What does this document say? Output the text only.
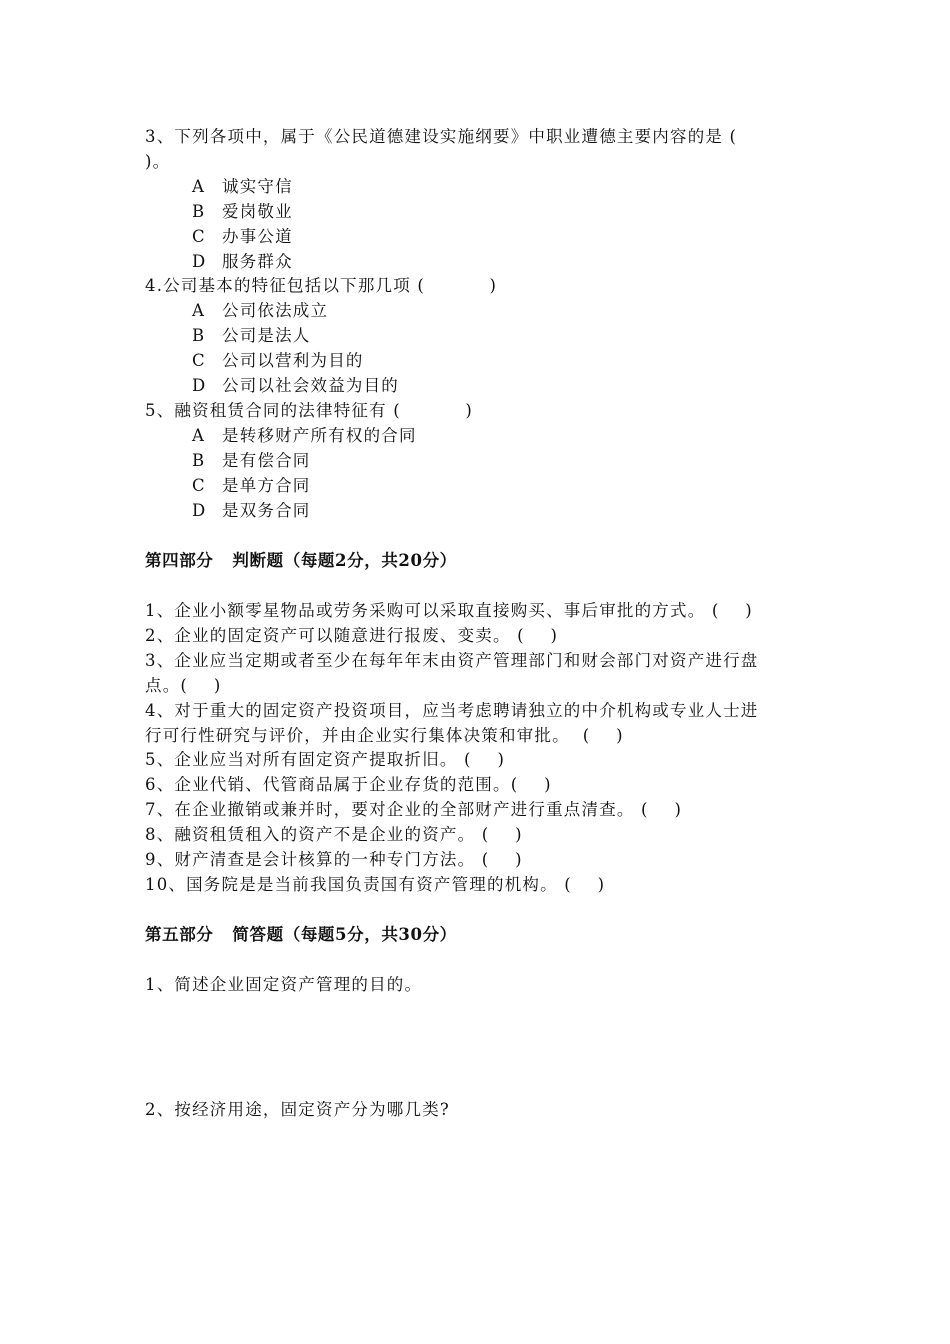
3、下列各项中，属于《公民道德建设实施纲要》中职业遭德主要内容的是 (
)。
A 诚实守信
B 爱岗敬业
C 办事公道
D 服务群众
4.公司基本的特征包括以下那几项 (          )
A 公司依法成立
B 公司是法人
C 公司以营利为目的
D 公司以社会效益为目的
5、融资租赁合同的法律特征有 (          )
A 是转移财产所有权的合同
B 是有偿合同
C 是单方合同
D 是双务合同
第四部分   判断题（每题2分，共20分）
1、企业小额零星物品或劳务采购可以采取直接购买、事后审批的方式。 (    )
2、企业的固定资产可以随意进行报废、变卖。 (    )
3、企业应当定期或者至少在每年年末由资产管理部门和财会部门对资产进行盘
点。(    )
4、对于重大的固定资产投资项目，应当考虑聘请独立的中介机构或专业人士进
行可行性研究与评价，并由企业实行集体决策和审批。  (    )
5、企业应当对所有固定资产提取折旧。 (    )
6、企业代销、代管商品属于企业存货的范围。(    )
7、在企业撤销或兼并时，要对企业的全部财产进行重点清查。 (    )
8、融资租赁租入的资产不是企业的资产。 (    )
9、财产清查是会计核算的一种专门方法。 (    )
10、国务院是是当前我国负责国有资产管理的机构。 (    )
第五部分   简答题（每题5分，共30分）
1、简述企业固定资产管理的目的。
2、按经济用途，固定资产分为哪几类?
